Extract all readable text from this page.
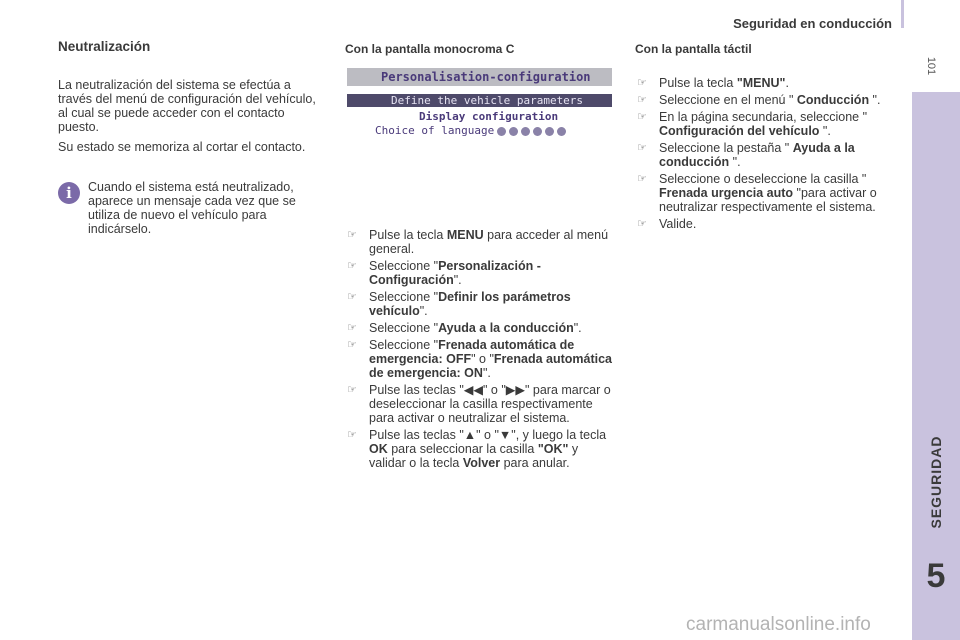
Seguridad en conducción
101
SEGURIDAD
5
Neutralización

La neutralización del sistema se efectúa a través del menú de configuración del vehículo, al cual se puede acceder con el contacto puesto.

Su estado se memoriza al cortar el contacto.

i	Cuando el sistema está neutralizado, aparece un mensaje cada vez que se utiliza de nuevo el vehículo para indicárselo.
Con la pantalla monocroma C
Personalisation-configuration
Define the vehicle parameters
Display configuration
Choice of language
☞ Pulse la tecla MENU para acceder al menú general.
☞ Seleccione "Personalización - Configuración".
☞ Seleccione "Definir los parámetros vehículo".
☞ Seleccione "Ayuda a la conducción".
☞ Seleccione "Frenada automática de emergencia: OFF" o "Frenada automática de emergencia: ON".
☞ Pulse las teclas "◀◀" o "▶▶" para marcar o deseleccionar la casilla respectivamente para activar o neutralizar el sistema.
☞ Pulse las teclas "▲" o "▼", y luego la tecla OK para seleccionar la casilla "OK" y validar o la tecla Volver para anular.
Con la pantalla táctil
☞ Pulse la tecla "MENU".
☞ Seleccione en el menú " Conducción ".
☞ En la página secundaria, seleccione " Configuración del vehículo ".
☞ Seleccione la pestaña " Ayuda a la conducción ".
☞ Seleccione o deseleccione la casilla " Frenada urgencia auto "para activar o neutralizar respectivamente el sistema.
☞ Valide.
carmanualsonline.info
